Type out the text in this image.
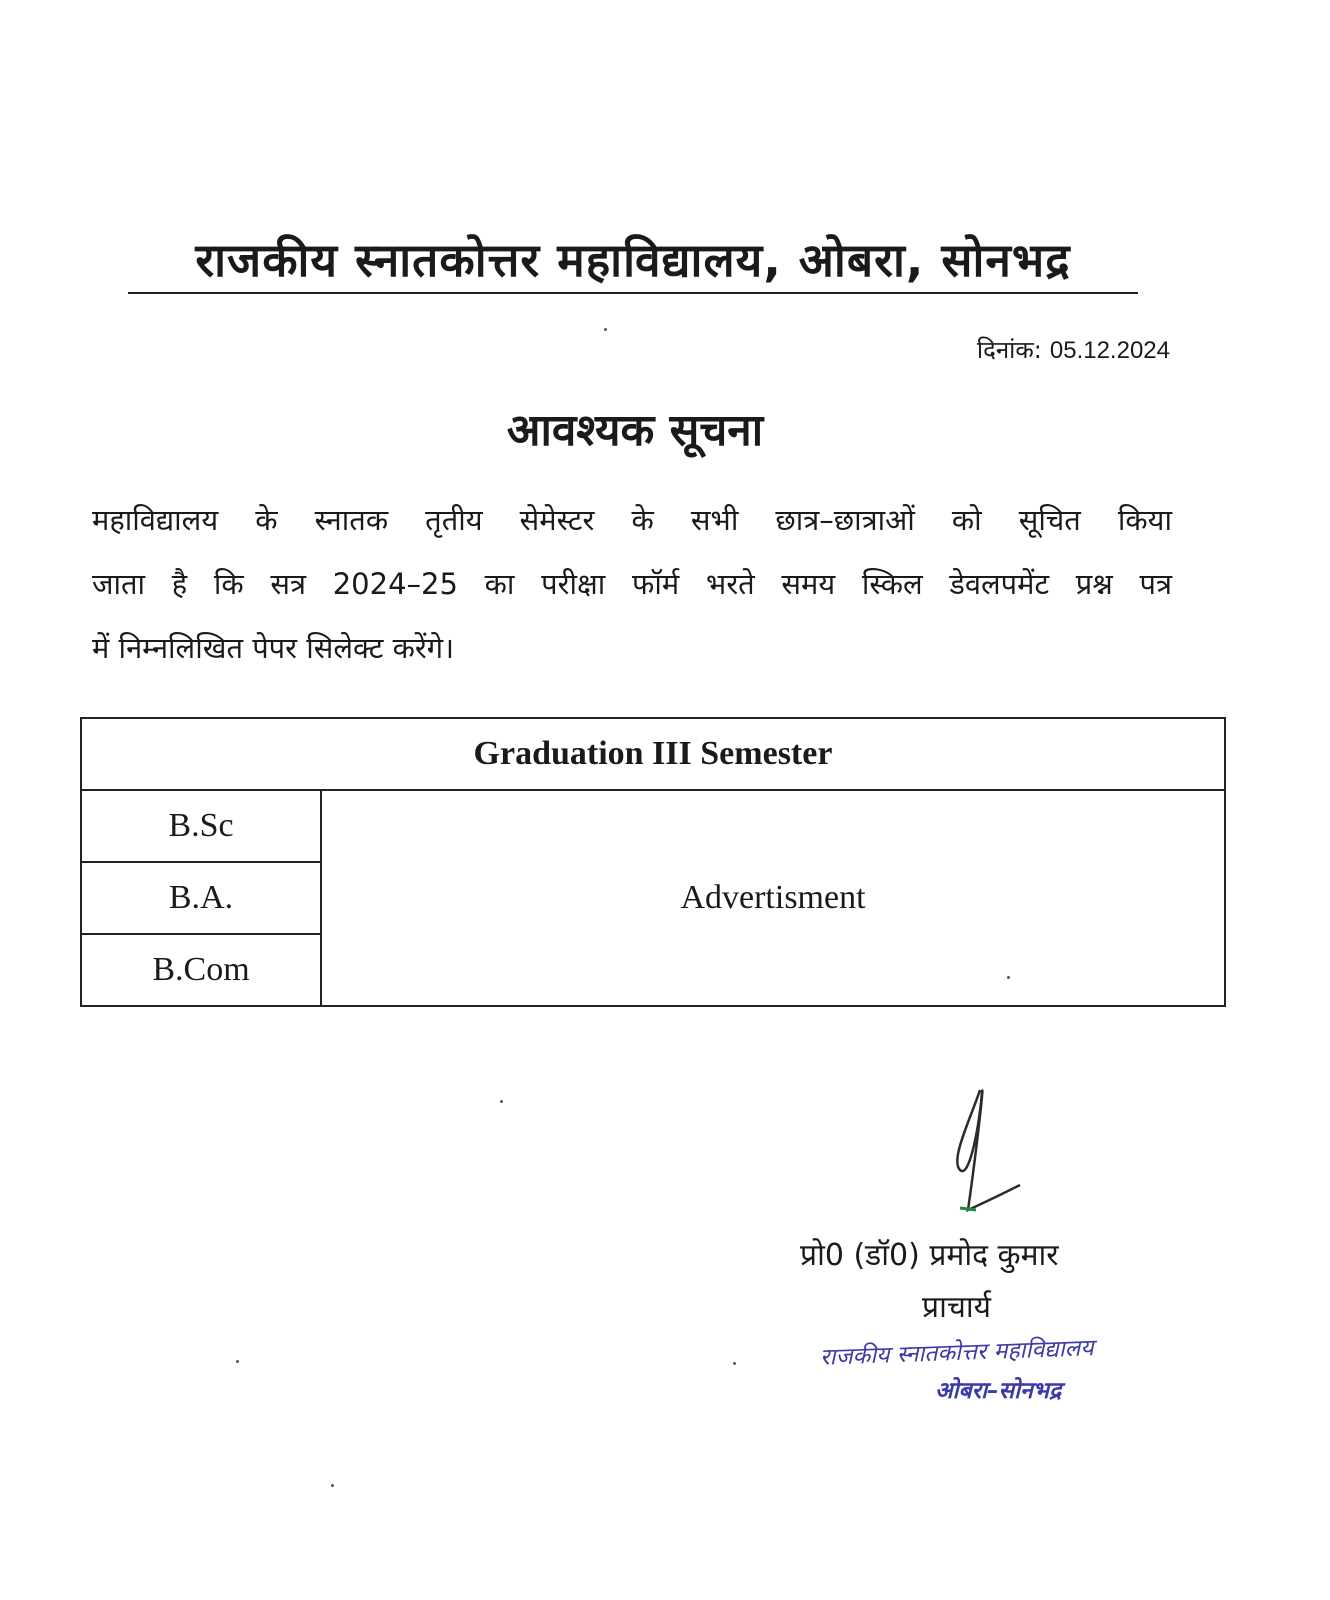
राजकीय स्नातकोत्तर महाविद्यालय, ओबरा, सोनभद्र
दिनांक: 05.12.2024
आवश्यक सूचना
महाविद्यालय के स्नातक तृतीय सेमेस्टर के सभी छात्र–छात्राओं को सूचित किया
जाता है कि सत्र 2024–25 का परीक्षा फॉर्म भरते समय स्किल डेवलपमेंट प्रश्न पत्र
में निम्नलिखित पेपर सिलेक्ट करेंगे।
Graduation III Semester
B.Sc	Advertisment
B.A.
B.Com
प्रो0 (डॉ0) प्रमोद कुमार
प्राचार्य
राजकीय स्नातकोत्तर महाविद्यालय
ओबरा–सोनभद्र
